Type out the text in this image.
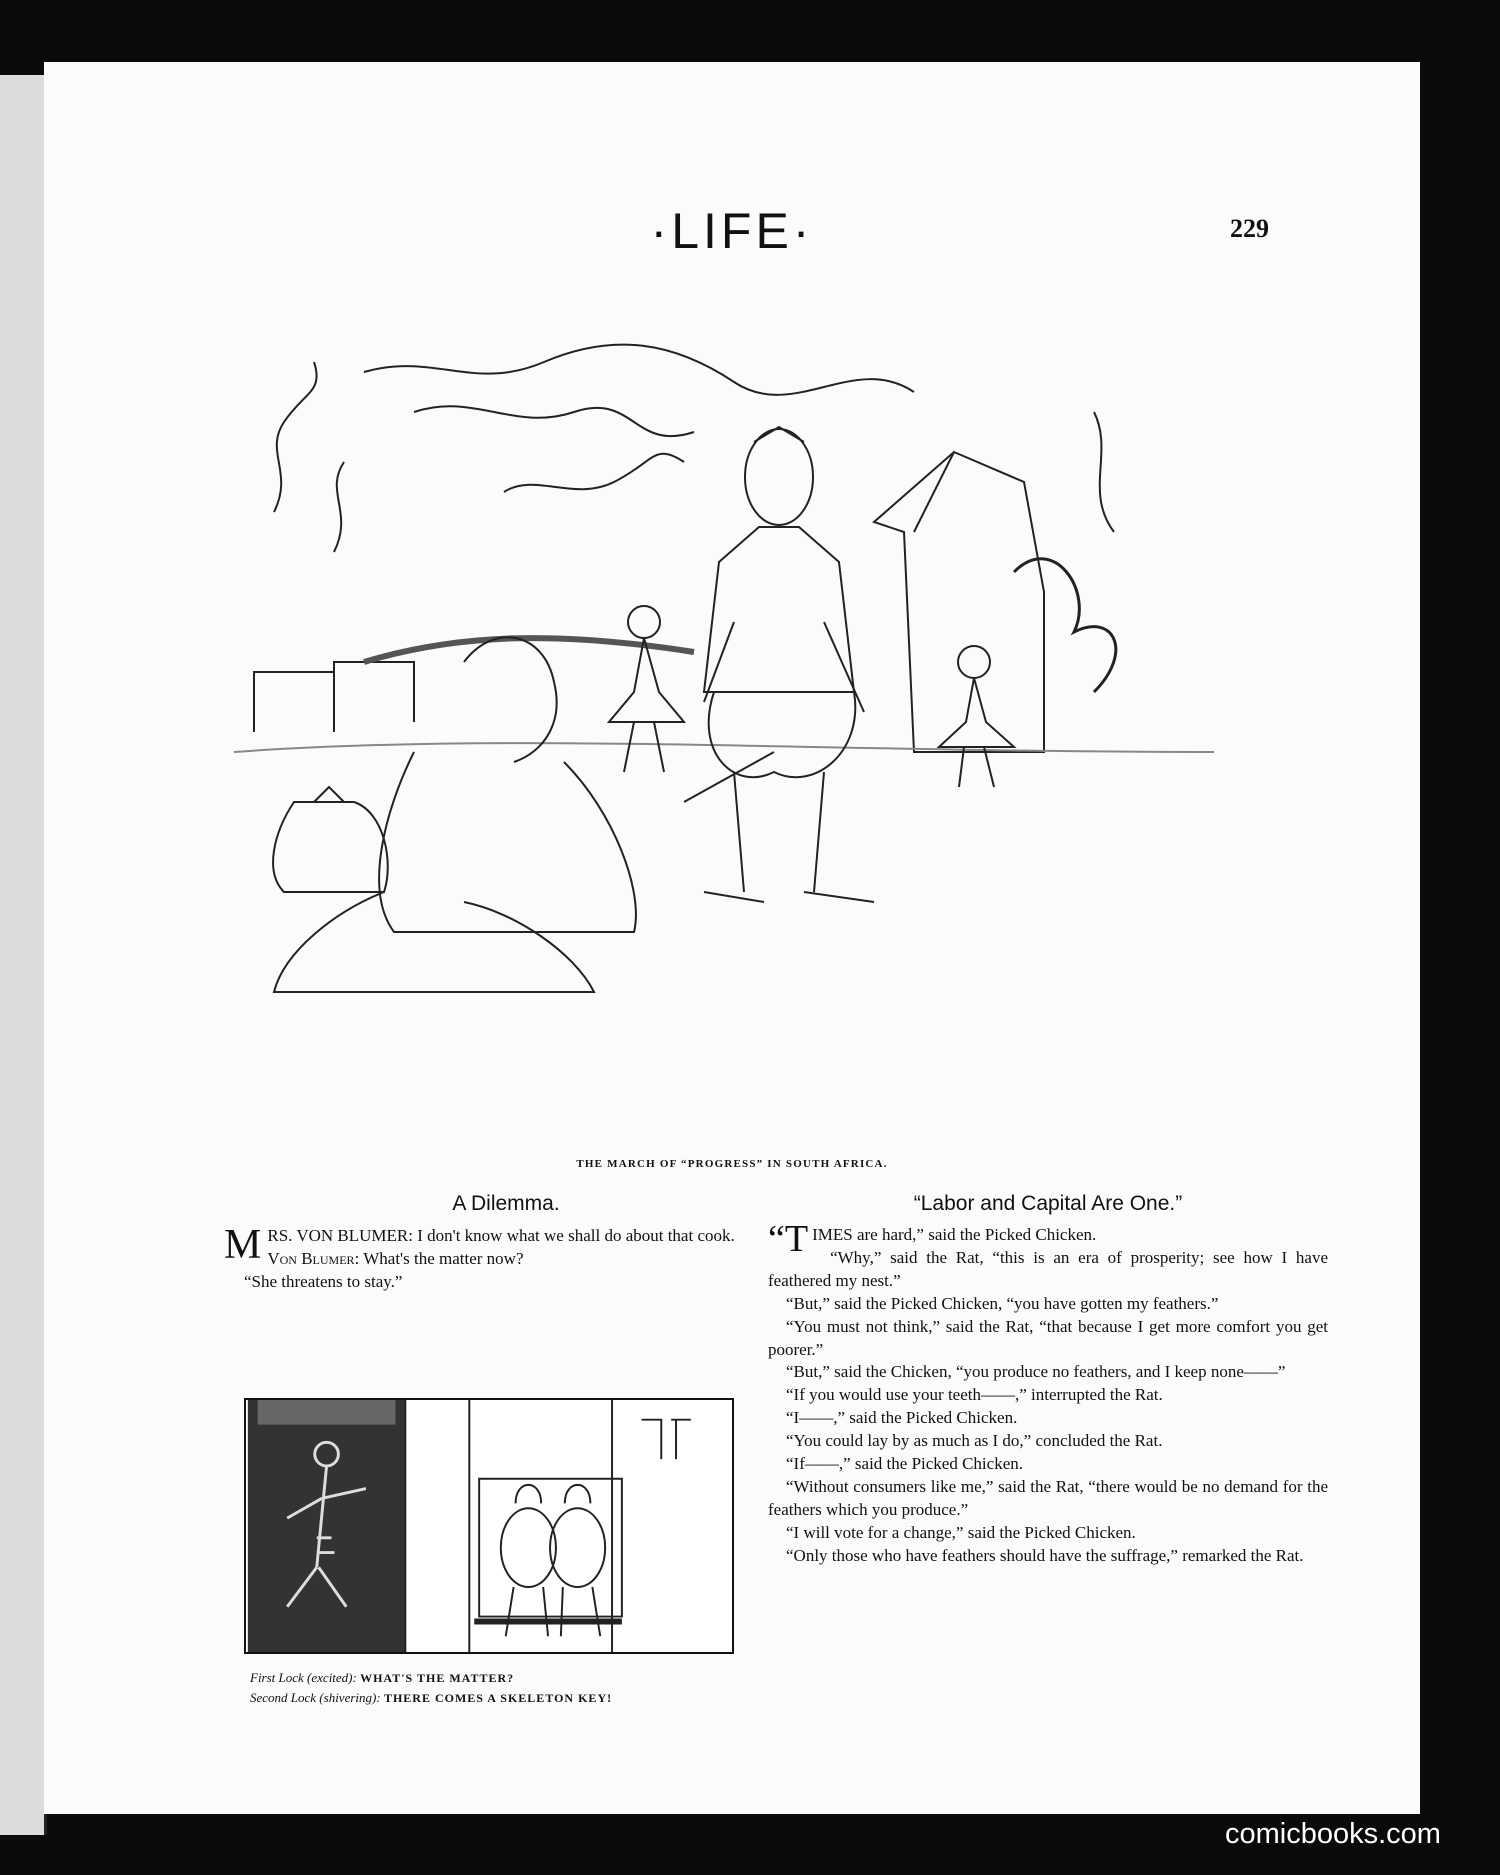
·LIFE·	229
THE MARCH OF “PROGRESS” IN SOUTH AFRICA.
A Dilemma.

M RS. VON BLUMER: I don't know what we shall do about that cook.

Von Blumer: What's the matter now?

“She threatens to stay.”

First Lock (excited): WHAT'S THE MATTER?
Second Lock (shivering): THERE COMES A SKELETON KEY!
“Labor and Capital Are One.”

“TIMES are hard,” said the Picked Chicken.

“Why,” said the Rat, “this is an era of prosperity; see how I have feathered my nest.”

“But,” said the Picked Chicken, “you have gotten my feathers.”

“You must not think,” said the Rat, “that because I get more comfort you get poorer.”

“But,” said the Chicken, “you produce no feathers, and I keep none——”

“If you would use your teeth——,” interrupted the Rat.

“I——,” said the Picked Chicken.

“You could lay by as much as I do,” concluded the Rat.

“If——,” said the Picked Chicken.

“Without consumers like me,” said the Rat, “there would be no demand for the feathers which you produce.”

“I will vote for a change,” said the Picked Chicken.

“Only those who have feathers should have the suffrage,” remarked the Rat.

comicbooks.com
